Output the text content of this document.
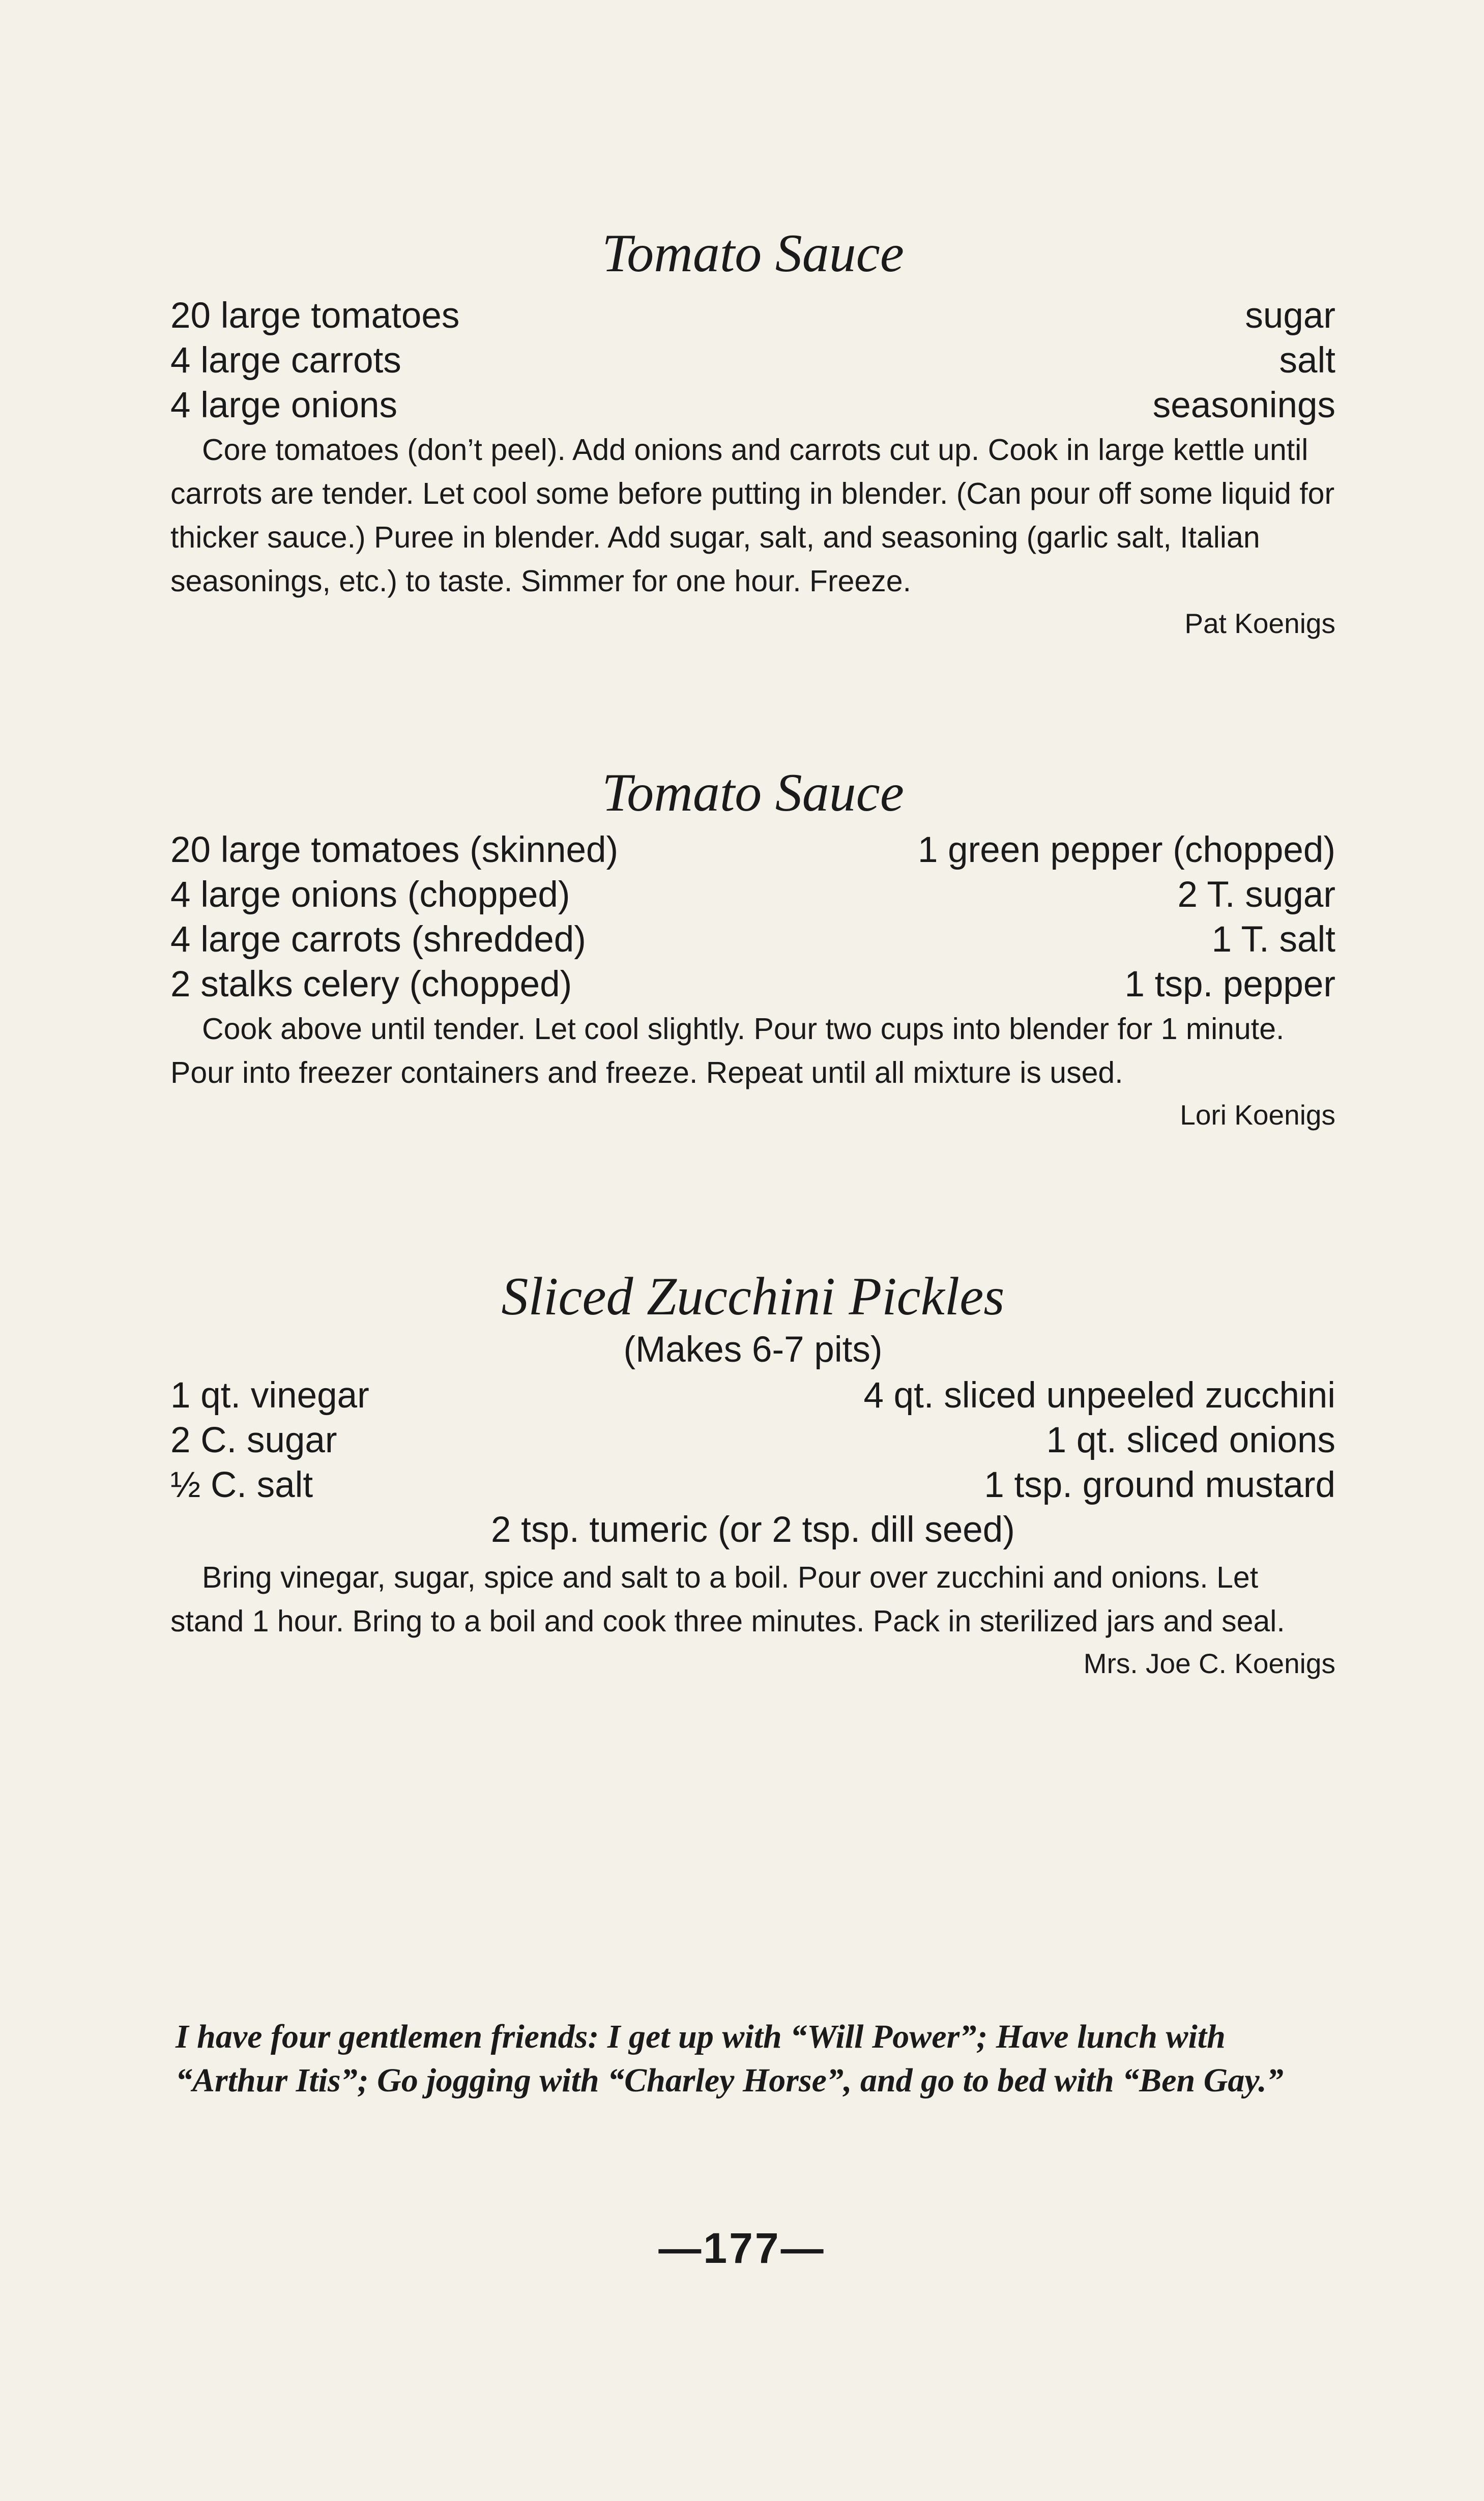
Tomato Sauce
20 large tomatoes
4 large carrots
4 large onions
sugar
salt
seasonings

Core tomatoes (don’t peel). Add onions and carrots cut up. Cook in large kettle until carrots are tender. Let cool some before putting in blender. (Can pour off some liquid for thicker sauce.) Puree in blender. Add sugar, salt, and seasoning (garlic salt, Italian seasonings, etc.) to taste. Simmer for one hour. Freeze.

Pat Koenigs
Tomato Sauce
20 large tomatoes (skinned)
4 large onions (chopped)
4 large carrots (shredded)
2 stalks celery (chopped)
1 green pepper (chopped)
2 T. sugar
1 T. salt
1 tsp. pepper

Cook above until tender. Let cool slightly. Pour two cups into blender for 1 minute. Pour into freezer containers and freeze. Repeat until all mixture is used.

Lori Koenigs
Sliced Zucchini Pickles
(Makes 6-7 pits)
1 qt. vinegar
2 C. sugar
½ C. salt
4 qt. sliced unpeeled zucchini
1 qt. sliced onions
1 tsp. ground mustard
2 tsp. tumeric (or 2 tsp. dill seed)

Bring vinegar, sugar, spice and salt to a boil. Pour over zucchini and onions. Let stand 1 hour. Bring to a boil and cook three minutes. Pack in sterilized jars and seal.

Mrs. Joe C. Koenigs

I have four gentlemen friends: I get up with “Will Power”; Have lunch with “Arthur Itis”; Go jogging with “Charley Horse”, and go to bed with “Ben Gay.”

—177—
